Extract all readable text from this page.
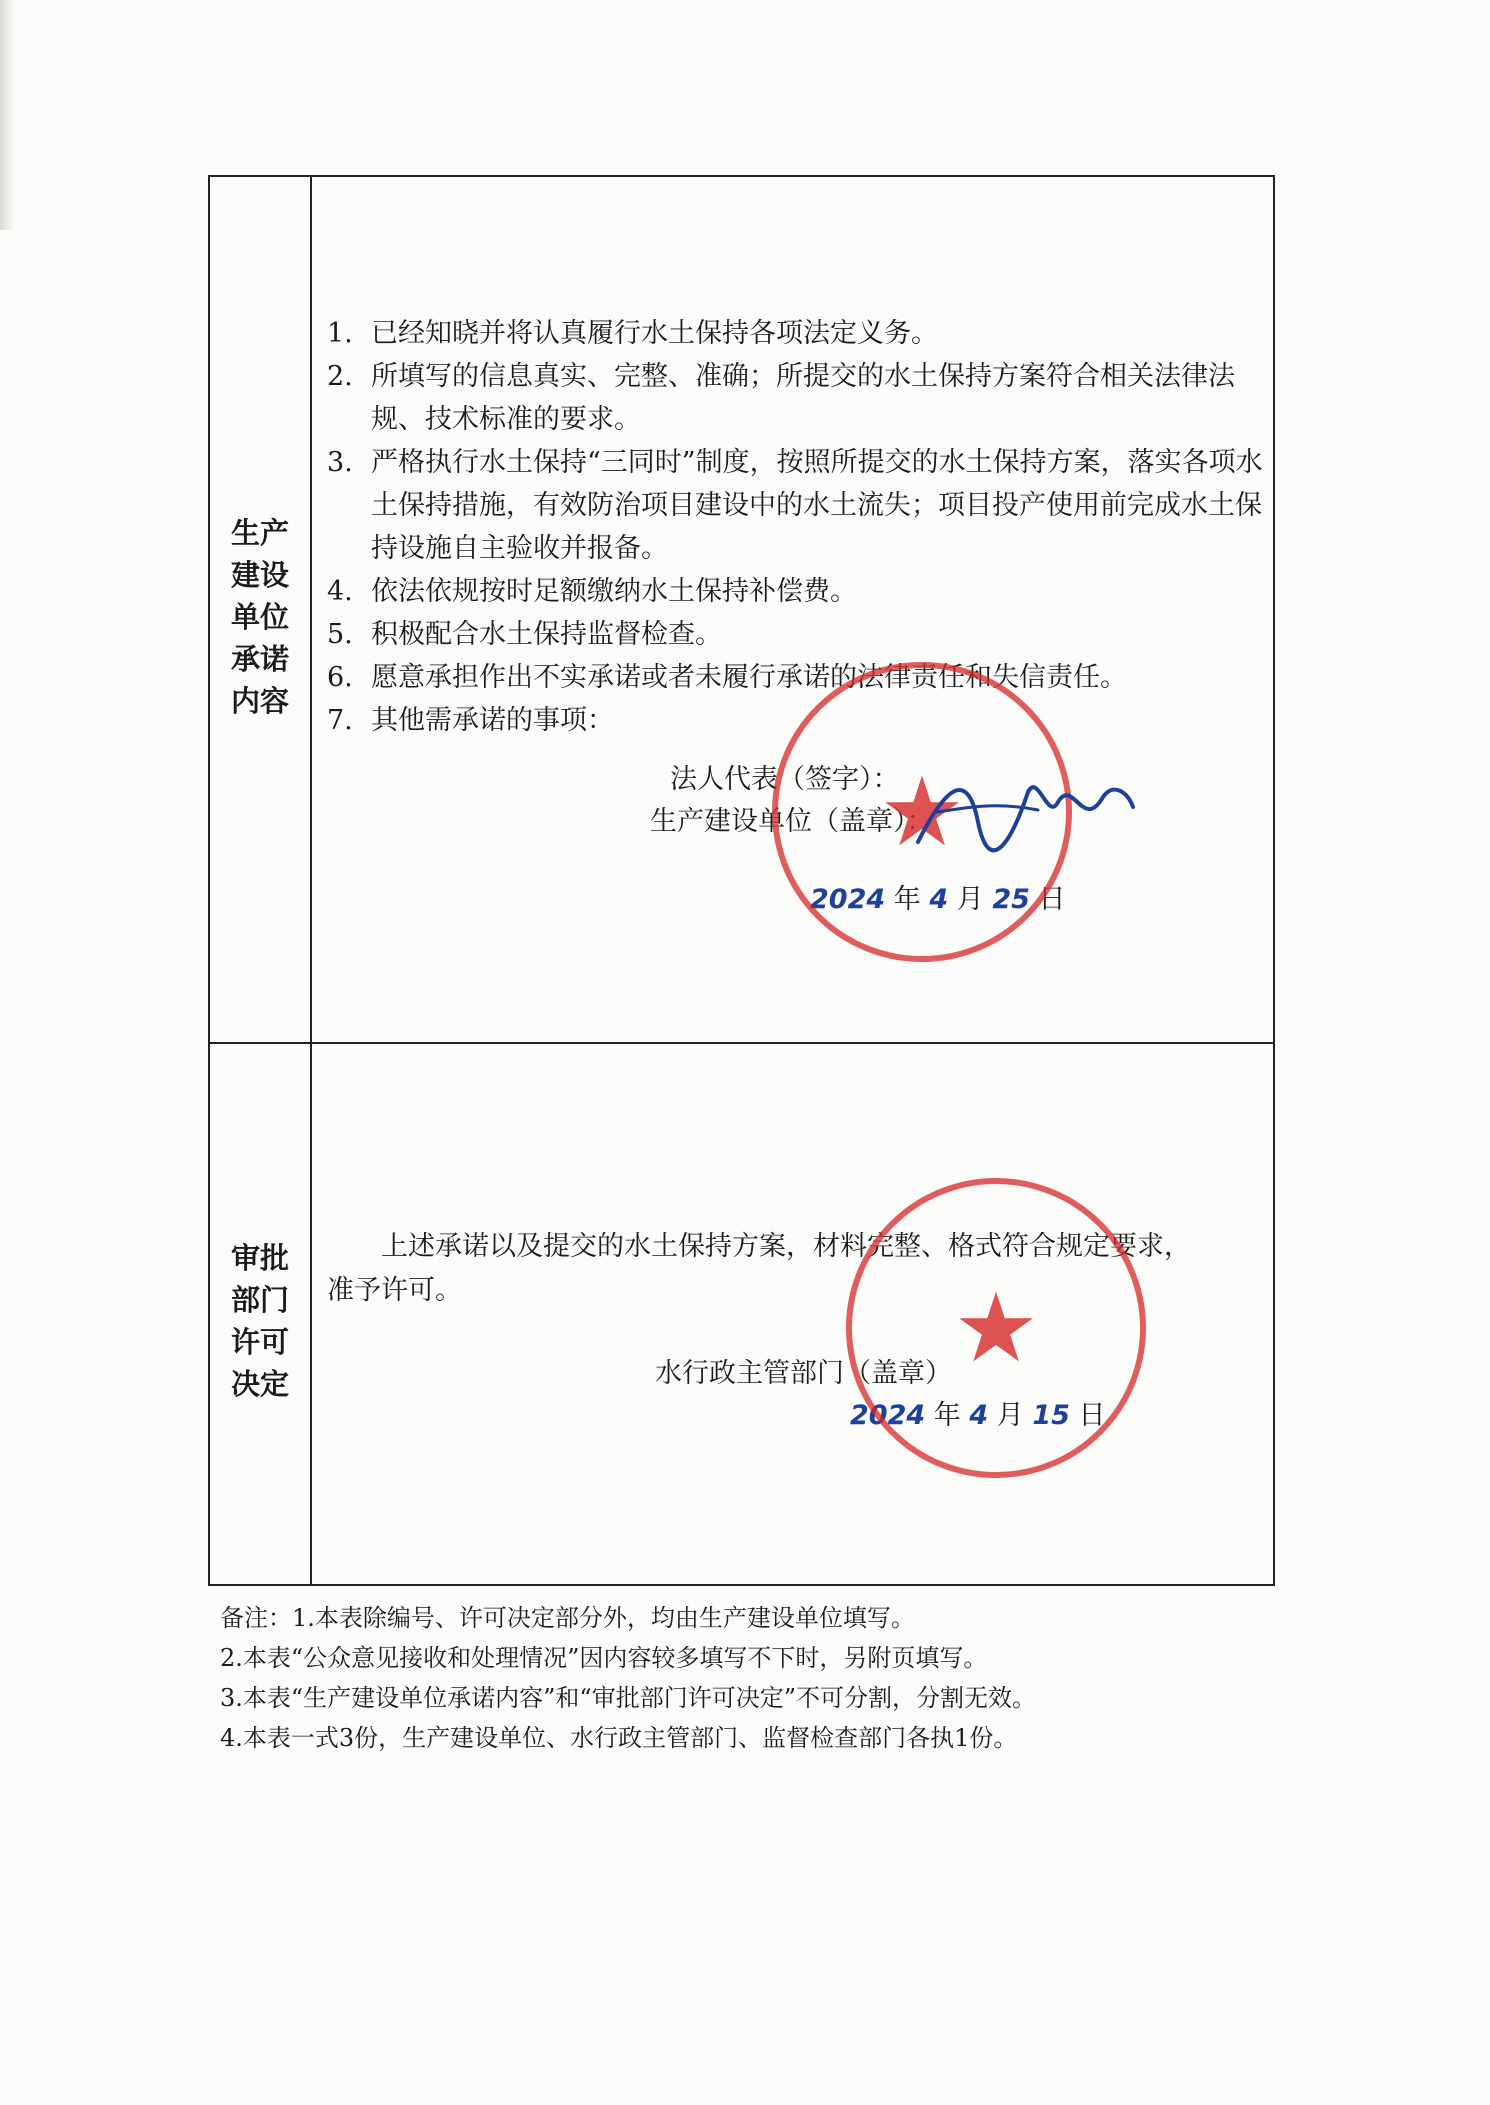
生产
建设
单位
承诺
内容
1. 已经知晓并将认真履行水土保持各项法定义务。
2. 所填写的信息真实、完整、准确；所提交的水土保持方案符合相关法律法规、技术标准的要求。
3. 严格执行水土保持“三同时”制度，按照所提交的水土保持方案，落实各项水土保持措施，有效防治项目建设中的水土流失；项目投产使用前完成水土保持设施自主验收并报备。
4. 依法依规按时足额缴纳水土保持补偿费。
5. 积极配合水土保持监督检查。
6. 愿意承担作出不实承诺或者未履行承诺的法律责任和失信责任。
7. 其他需承诺的事项：
法人代表（签字）：
生产建设单位（盖章）：
2024 年 4 月 25 日
审批
部门
许可
决定
上述承诺以及提交的水土保持方案，材料完整、格式符合规定要求，
准予许可。
水行政主管部门（盖章）
2024 年 4 月 15 日
★
★
备注：1.本表除编号、许可决定部分外，均由生产建设单位填写。
2.本表“公众意见接收和处理情况”因内容较多填写不下时，另附页填写。
3.本表“生产建设单位承诺内容”和“审批部门许可决定”不可分割，分割无效。
4.本表一式3份，生产建设单位、水行政主管部门、监督检查部门各执1份。
